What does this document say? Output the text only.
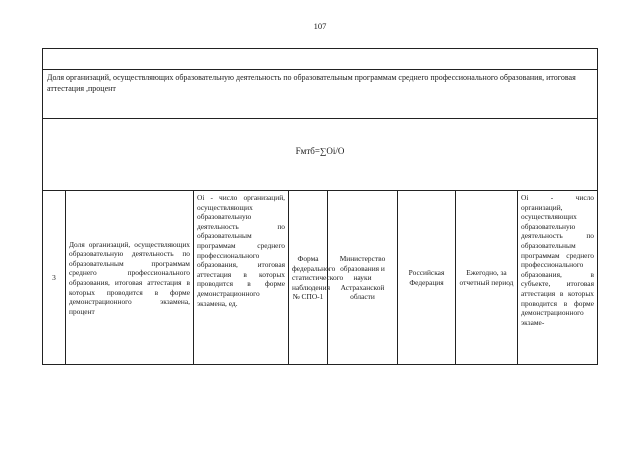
107
Доля организаций, осуществляющих образовательную деятельность по образовательным программам среднего профессионального образования, итоговая аттестация ,процент
Fмтб=∑Oi/O
3
Доля организаций, осуществляющих образовательную деятельность по образовательным программам среднего профессионального образования, итоговая аттестация в которых проводится в форме демонстрационного экзамена, процент
Oi - число организаций, осуществляющих образовательную деятельность по образовательным программам среднего профессионального образования, итоговая аттестация в которых проводится в форме демонстрационного экзамена, ед.
Форма федерального статистического наблюдения № СПО-1
Министерство образования и науки Астраханской области
Российская Федерация
Ежегодно, за отчетный период
Oi - число организаций, осуществляющих образовательную деятельность по образовательным программам среднего профессионального образования, в субъекте, итоговая аттестация в которых проводится в форме демонстрационного экзаме-
